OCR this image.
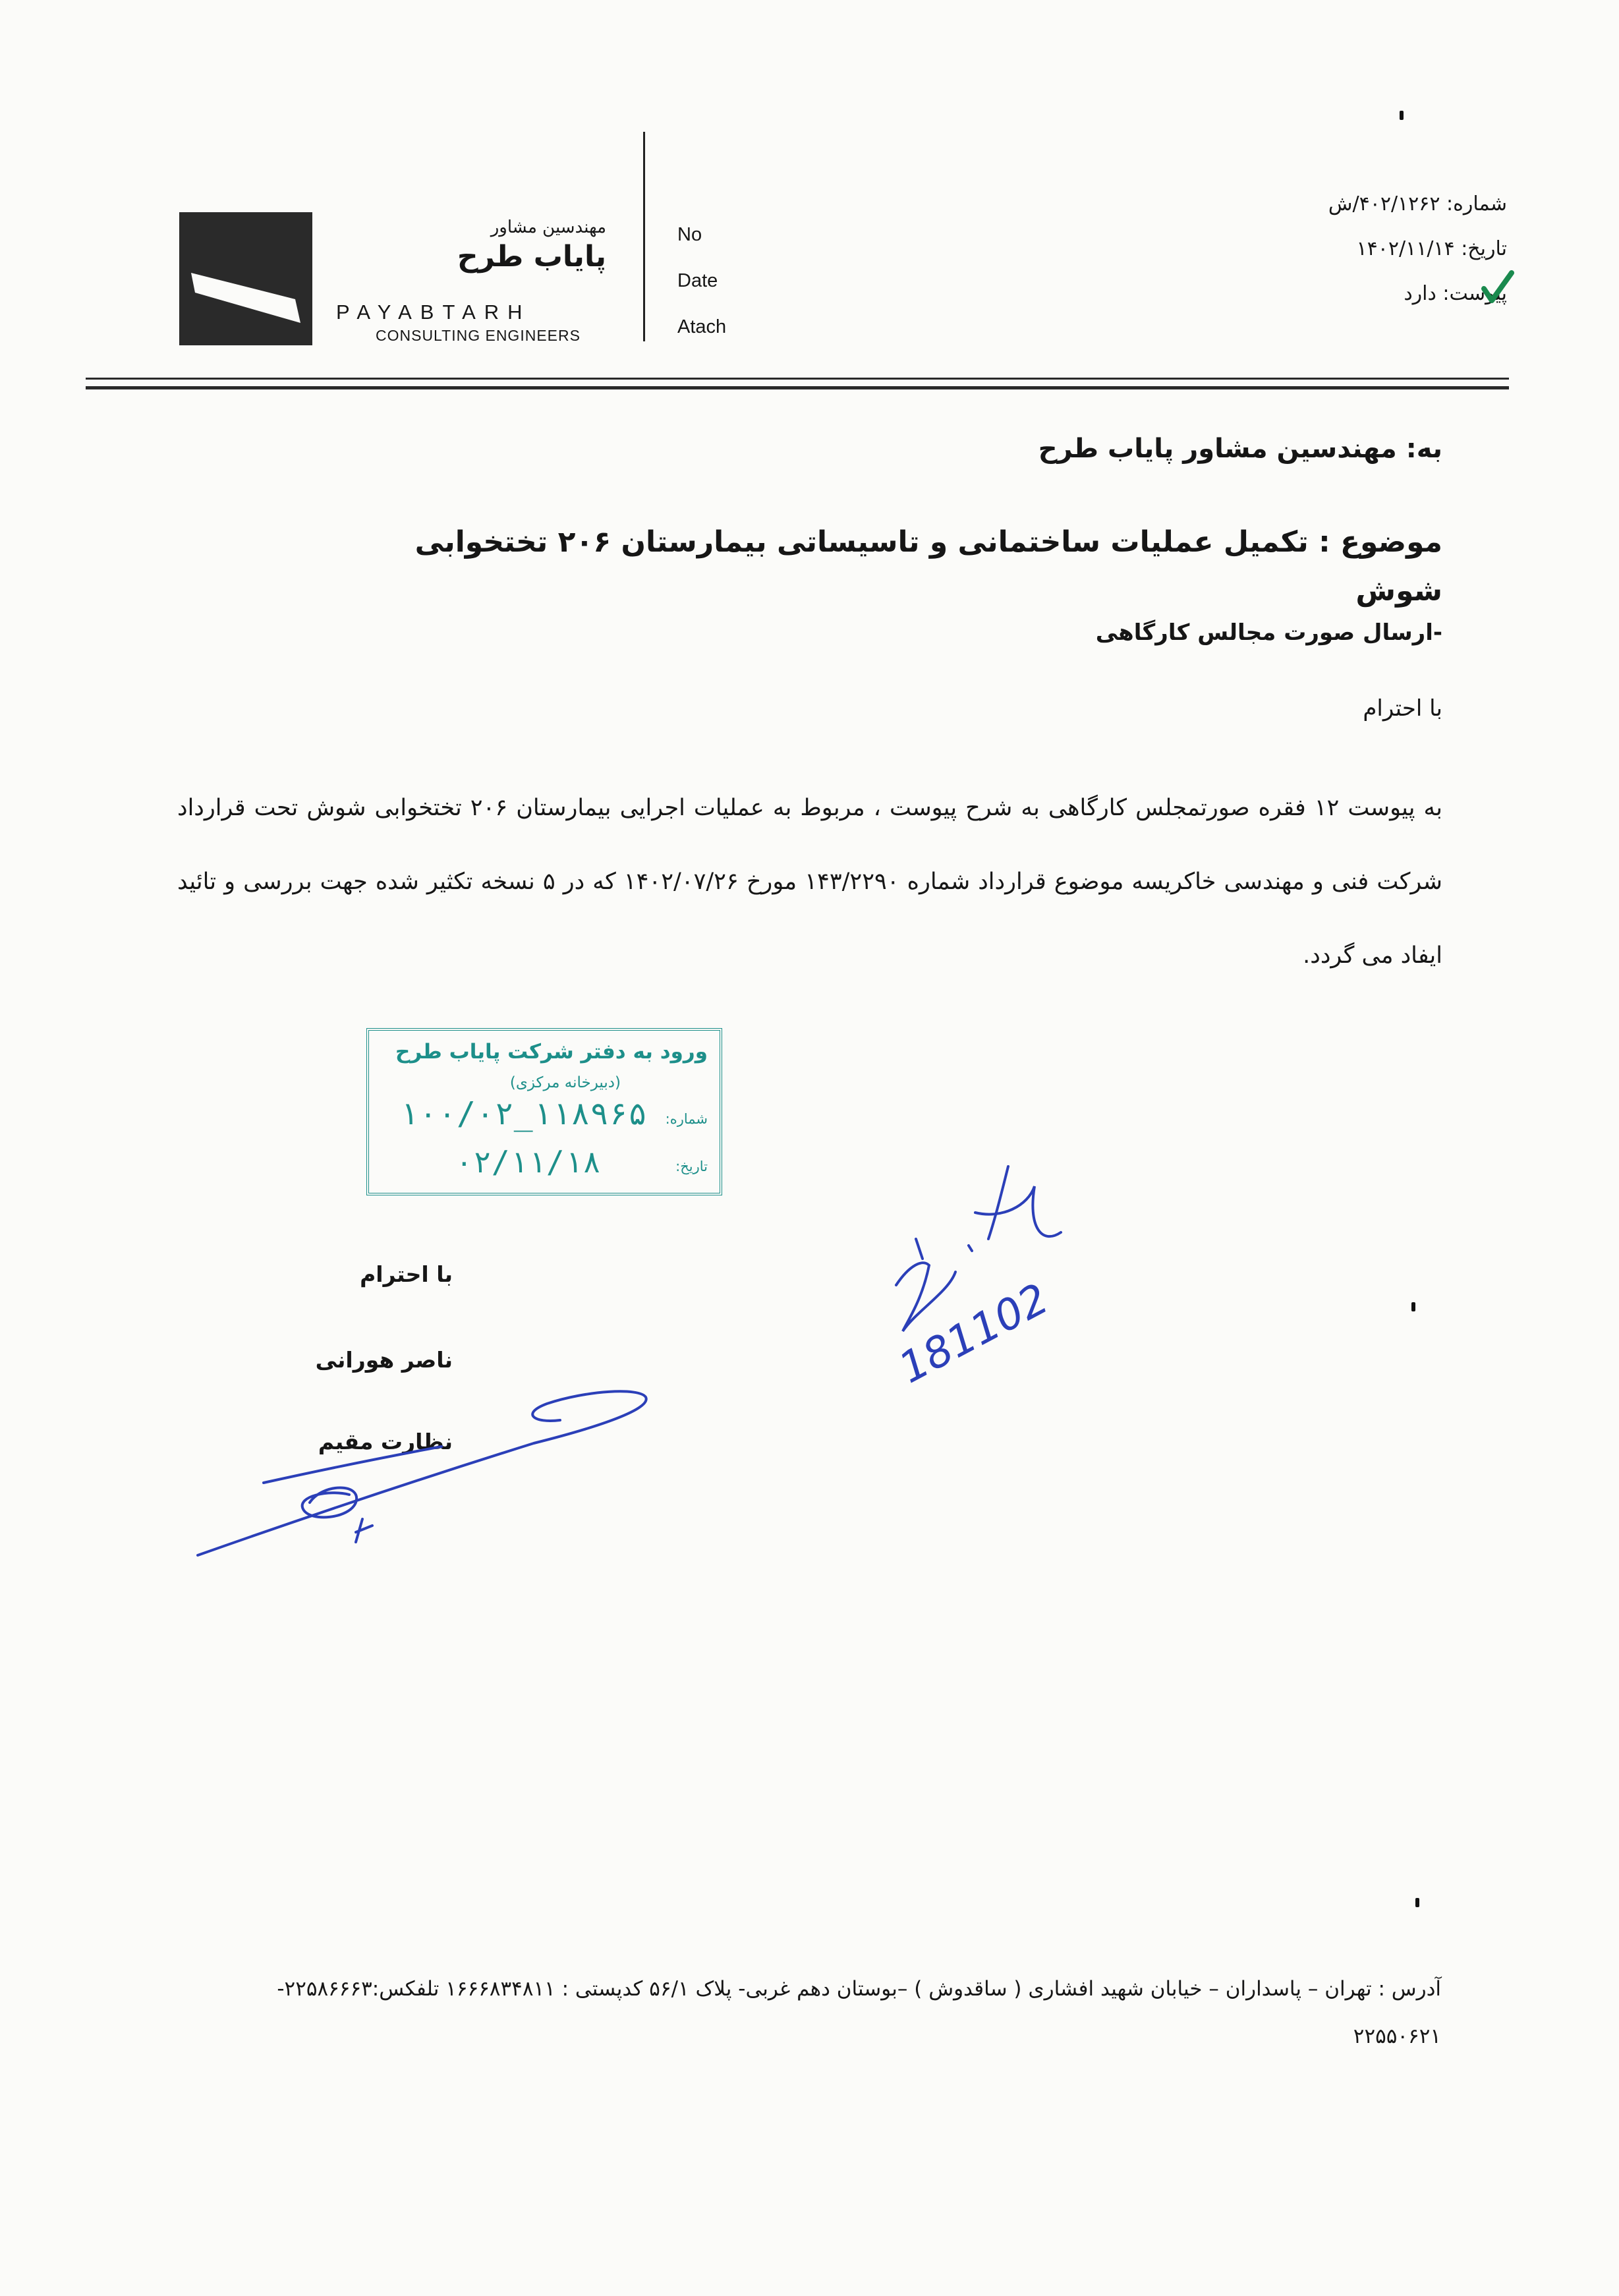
مهندسین مشاور
پایاب طرح
PAYABTARH
CONSULTING ENGINEERS
No
Date
Atach
شماره: ۴۰۲/۱۲۶۲/ش
تاریخ: ۱۴۰۲/۱۱/۱۴
پیوست: دارد
به: مهندسین مشاور پایاب طرح
موضوع : تکمیل عملیات ساختمانی و تاسیساتی بیمارستان ۲۰۶ تختخوابی شوش
-ارسال صورت مجالس کارگاهی
با احترام
به پیوست ۱۲ فقره صورتمجلس کارگاهی به شرح پیوست ، مربوط به عملیات اجرایی بیمارستان ۲۰۶ تختخوابی شوش تحت قرارداد شرکت فنی و مهندسی خاکریسه موضوع قرارداد شماره ۱۴۳/۲۲۹۰ مورخ ۱۴۰۲/۰۷/۲۶ که در ۵ نسخه تکثیر شده جهت بررسی و تائید ایفاد می گردد.
ورود به دفتر شرکت پایاب طرح
(دبیرخانه مرکزی)
شماره:
۱۰۰/۰۲_۱۱۸۹۶۵
تاریخ:
۰۲/۱۱/۱۸
181102
با احترام
ناصر هورانی
نظارت مقیم
آدرس : تهران – پاسداران – خیابان شهید افشاری ( ساقدوش ) –بوستان دهم غربی- پلاک ۵۶/۱ کدپستی : ۱۶۶۶۸۳۴۸۱۱ تلفکس:۲۲۵۸۶۶۶۳-
۲۲۵۵۰۶۲۱
